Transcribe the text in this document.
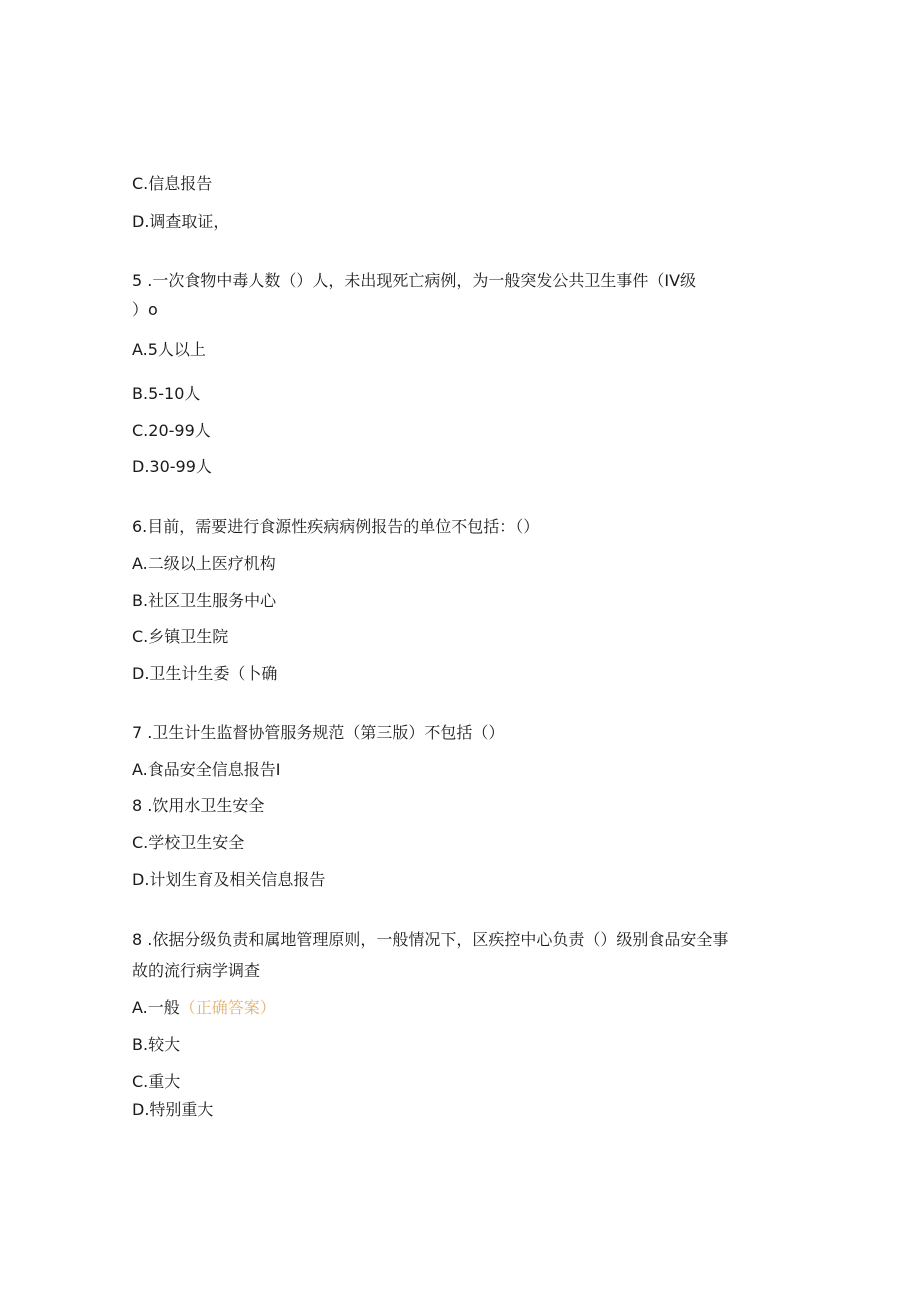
C.信息报告
D.调查取证，
5 .一次食物中毒人数（）人，未出现死亡病例，为一般突发公共卫生事件（IV级
）o
A.5人以上
B.5-10人
C.20-99人
D.30-99人
6.目前，需要进行食源性疾病病例报告的单位不包括：（）
A.二级以上医疗机构
B.社区卫生服务中心
C.乡镇卫生院
D.卫生计生委（卜确
7 .卫生计生监督协管服务规范（第三版）不包括（）
A.食品安全信息报告I
8 .饮用水卫生安全
C.学校卫生安全
D.计划生育及相关信息报告
8 .依据分级负责和属地管理原则，一般情况下，区疾控中心负责（）级别食品安全事
故的流行病学调查
A.一般（正确答案）
B.较大
C.重大
D.特别重大
